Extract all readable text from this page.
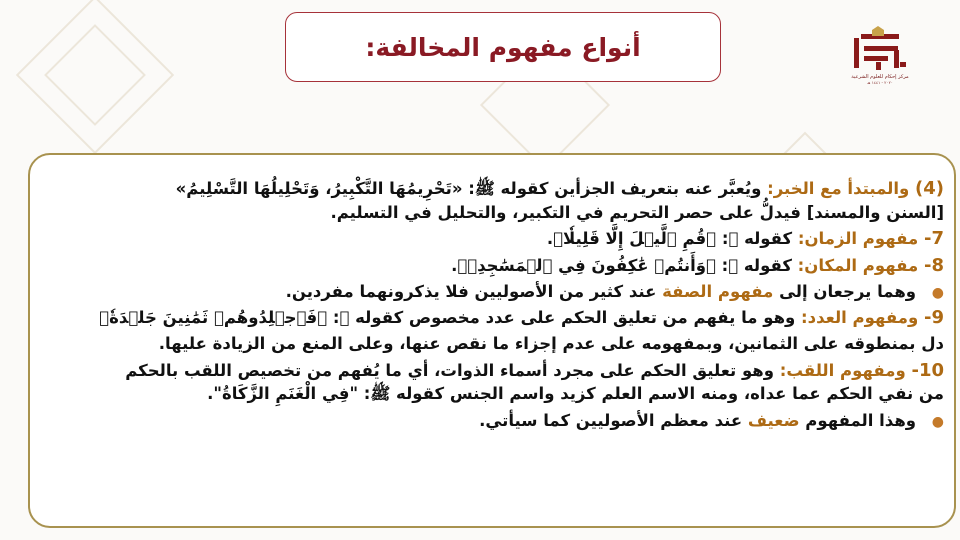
أنواع مفهوم المخالفة:
مركز إحكام للعلوم الشرعية
٢٠٢٠ - ١٤٤١ هـ

(4) والمبتدأ مع الخبر: ويُعبَّر عنه بتعريف الجزأين كقوله ﷺ: «تَحْرِيمُهَا التَّكْبِيرُ، وَتَحْلِيلُهَا التَّسْلِيمُ»

[السنن والمسند] فيدلُّ على حصر التحريم في التكبير، والتحليل في التسليم.

7- مفهوم الزمان: كقوله ﷻ: ﴿قُمِ ٱلَّيۡلَ إِلَّا قَلِيلٗا﴾.

8- مفهوم المكان: كقوله ﷻ: ﴿وَأَنتُمۡ عَٰكِفُونَ فِي ٱلۡمَسَٰجِدِۗ﴾.

● وهما يرجعان إلى مفهوم الصفة عند كثير من الأصوليين فلا يذكرونهما مفردين.

9- ومفهوم العدد: وهو ما يفهم من تعليق الحكم على عدد مخصوص كقوله ﷻ: ﴿فَٱجۡلِدُوهُمۡ ثَمَٰنِينَ جَلۡدَةٗ﴾

دل بمنطوقه على الثمانين، وبمفهومه على عدم إجزاء ما نقص عنها، وعلى المنع من الزيادة عليها.

10- ومفهوم اللقب: وهو تعليق الحكم على مجرد أسماء الذوات، أي ما يُفهم من تخصيص اللقب بالحكم

من نفي الحكم عما عداه، ومنه الاسم العلم كزيد واسم الجنس كقوله ﷺ: "فِي الْغَنَمِ الزَّكَاةُ".

● وهذا المفهوم ضعيف عند معظم الأصوليين كما سيأتي.
